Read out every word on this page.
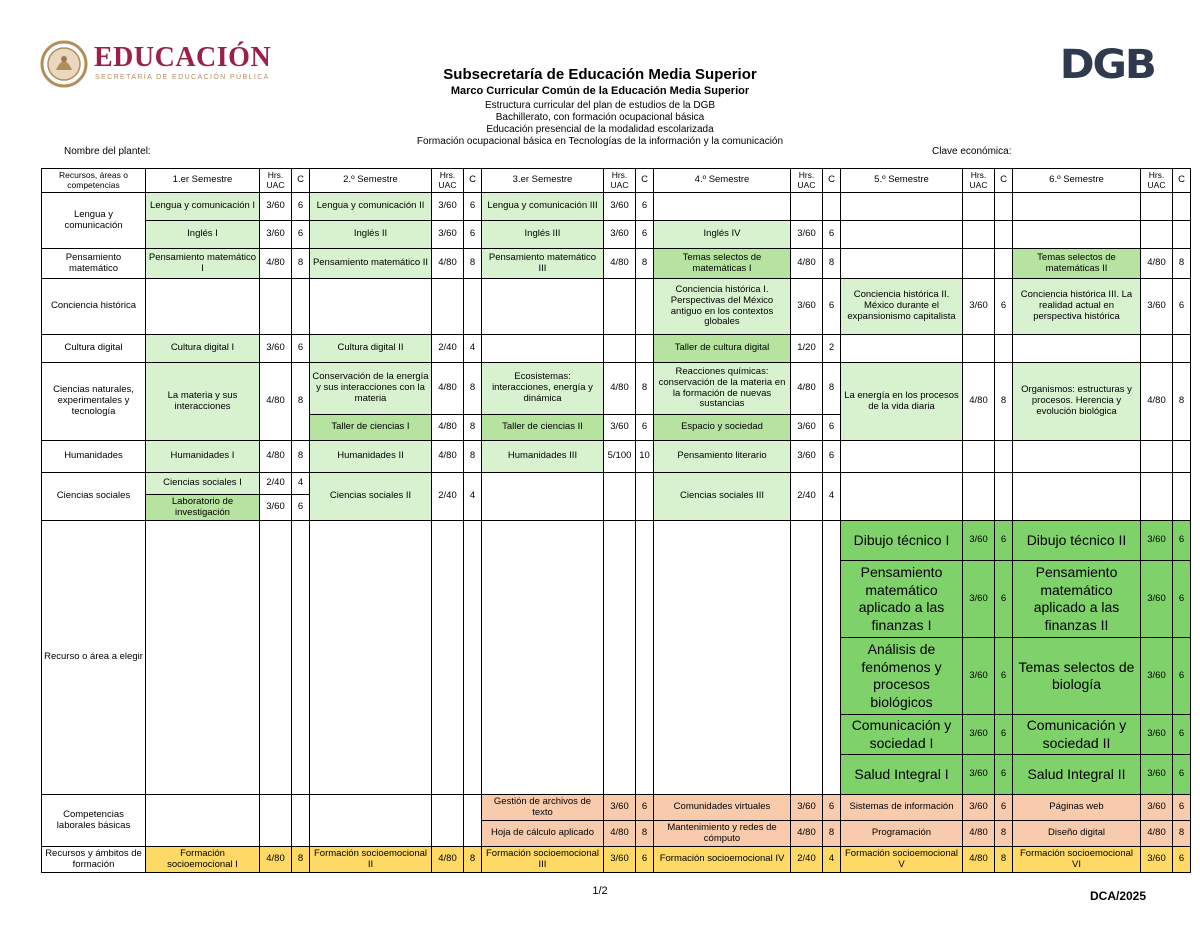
EDUCACIÓN
SECRETARÍA DE EDUCACIÓN PÚBLICA	DGB
Subsecretaría de Educación Media Superior
Marco Curricular Común de la Educación Media Superior
Estructura curricular del plan de estudios de la DGB
Bachillerato, con formación ocupacional básica
Educación presencial de la modalidad escolarizada
Formación ocupacional básica en Tecnologías de la información y la comunicación
Nombre del plantel:	Clave económica:
Recursos, áreas o competencias	1.er Semestre	Hrs. UAC	C	2.º Semestre	Hrs. UAC	C	3.er Semestre	Hrs. UAC	C	4.º Semestre	Hrs. UAC	C	5.º Semestre	Hrs. UAC	C	6.º Semestre	Hrs. UAC	C
Lengua y comunicación	Lengua y comunicación I	3/60	6	Lengua y comunicación II	3/60	6	Lengua y comunicación III	3/60	6									
	Inglés I	3/60	6	Inglés II	3/60	6	Inglés III	3/60	6	Inglés IV	3/60	6						
Pensamiento matemático	Pensamiento matemático I	4/80	8	Pensamiento matemático II	4/80	8	Pensamiento matemático III	4/80	8	Temas selectos de matemáticas I	4/80	8				Temas selectos de matemáticas II	4/80	8
Conciencia histórica										Conciencia histórica I. Perspectivas del México antiguo en los contextos globales	3/60	6	Conciencia histórica II. México durante el expansionismo capitalista	3/60	6	Conciencia histórica III. La realidad actual en perspectiva histórica	3/60	6
Cultura digital	Cultura digital I	3/60	6	Cultura digital II	2/40	4				Taller de cultura digital	1/20	2						
Ciencias naturales, experimentales y tecnología	La materia y sus interacciones	4/80	8	Conservación de la energía y sus interacciones con la materia	4/80	8	Ecosistemas: interacciones, energía y dinámica	4/80	8	Reacciones químicas: conservación de la materia en la formación de nuevas sustancias	4/80	8	La energía en los procesos de la vida diaria	4/80	8	Organismos: estructuras y procesos. Herencia y evolución biológica	4/80	8
				Taller de ciencias I	4/80	8	Taller de ciencias II	3/60	6	Espacio y sociedad	3/60	6						
Humanidades	Humanidades I	4/80	8	Humanidades II	4/80	8	Humanidades III	5/100	10	Pensamiento literario	3/60	6						
Ciencias sociales	Ciencias sociales I	2/40	4	Ciencias sociales II	2/40	4				Ciencias sociales III	2/40	4						
	Laboratorio de investigación	3/60	6															
Recurso o área a elegir													Dibujo técnico I	3/60	6	Dibujo técnico II	3/60	6
													Pensamiento matemático aplicado a las finanzas I	3/60	6	Pensamiento matemático aplicado a las finanzas II	3/60	6
													Análisis de fenómenos y procesos biológicos	3/60	6	Temas selectos de biología	3/60	6
													Comunicación y sociedad I	3/60	6	Comunicación y sociedad II	3/60	6
													Salud Integral I	3/60	6	Salud Integral II	3/60	6
Competencias laborales básicas							Gestión de archivos de texto	3/60	6	Comunidades virtuales	3/60	6	Sistemas de información	3/60	6	Páginas web	3/60	6
							Hoja de cálculo aplicado	4/80	8	Mantenimiento y redes de cómputo	4/80	8	Programación	4/80	8	Diseño digital	4/80	8
Recursos y ámbitos de formación	Formación socioemocional I	4/80	8	Formación socioemocional II	4/80	8	Formación socioemocional III	3/60	6	Formación socioemocional IV	2/40	4	Formación socioemocional V	4/80	8	Formación socioemocional VI	3/60	6
1/2	DCA/2025
